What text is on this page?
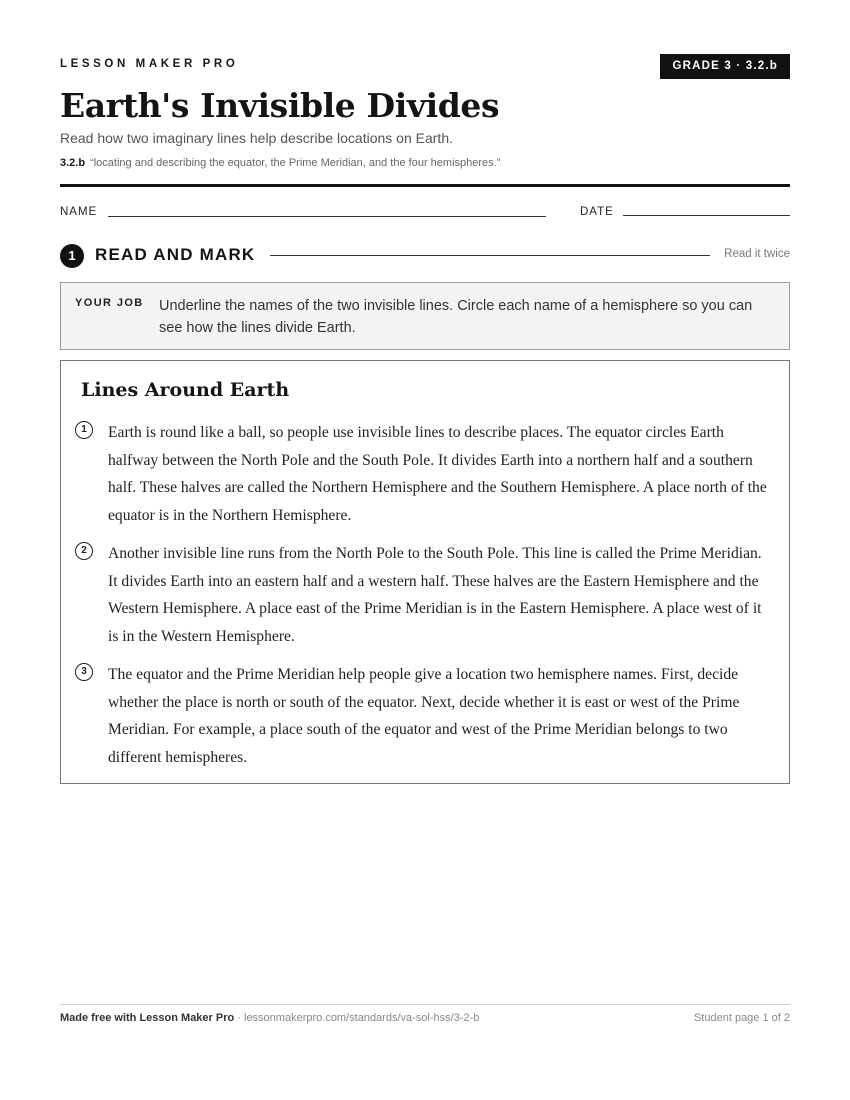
LESSON MAKER PRO	GRADE 3 · 3.2.b
Earth's Invisible Divides
Read how two imaginary lines help describe locations on Earth.
3.2.b “locating and describing the equator, the Prime Meridian, and the four hemispheres.”
NAME	DATE
1	READ AND MARK	Read it twice
YOUR JOB Underline the names of the two invisible lines. Circle each name of a hemisphere so you can see how the lines divide Earth.
Lines Around Earth
1	Earth is round like a ball, so people use invisible lines to describe places. The equator circles Earth halfway between the North Pole and the South Pole. It divides Earth into a northern half and a southern half. These halves are called the Northern Hemisphere and the Southern Hemisphere. A place north of the equator is in the Northern Hemisphere.
2	Another invisible line runs from the North Pole to the South Pole. This line is called the Prime Meridian. It divides Earth into an eastern half and a western half. These halves are the Eastern Hemisphere and the Western Hemisphere. A place east of the Prime Meridian is in the Eastern Hemisphere. A place west of it is in the Western Hemisphere.
3	The equator and the Prime Meridian help people give a location two hemisphere names. First, decide whether the place is north or south of the equator. Next, decide whether it is east or west of the Prime Meridian. For example, a place south of the equator and west of the Prime Meridian belongs to two different hemispheres.
Made free with Lesson Maker Pro · lessonmakerpro.com/standards/va-sol-hss/3-2-b	Student page 1 of 2
